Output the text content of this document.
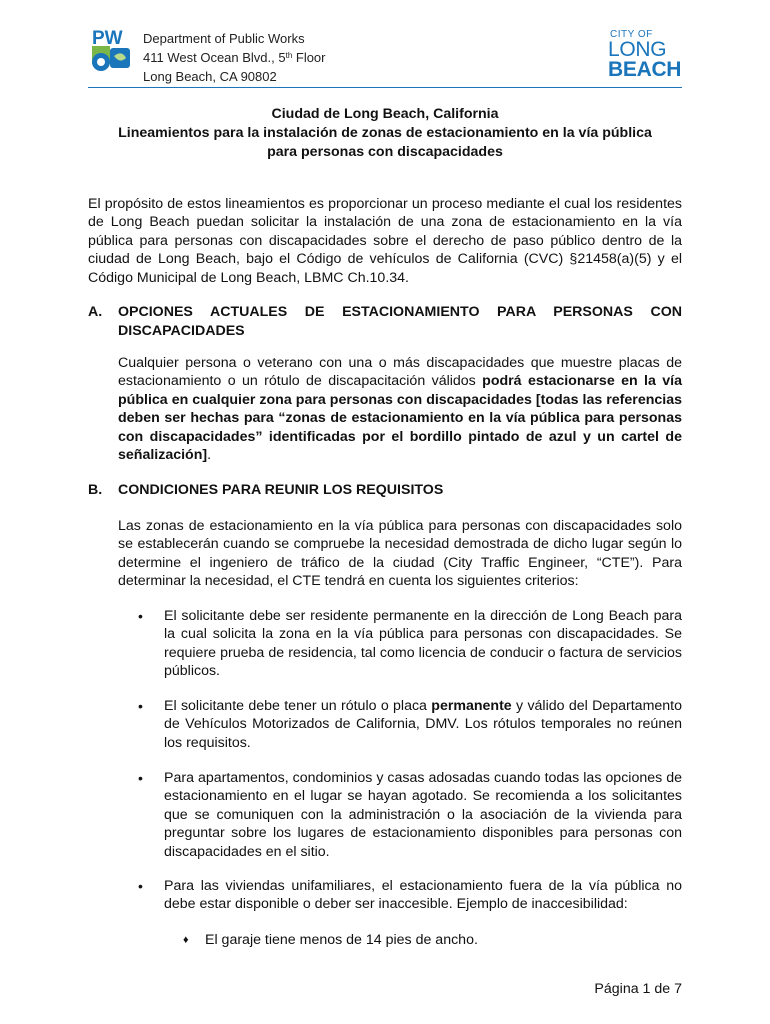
PW Department of Public Works
411 West Ocean Blvd., 5th Floor
Long Beach, CA 90802
CITY OF
LONG
BEACH
Ciudad de Long Beach, California
Lineamientos para la instalación de zonas de estacionamiento en la vía pública
para personas con discapacidades
El propósito de estos lineamientos es proporcionar un proceso mediante el cual los residentes de Long Beach puedan solicitar la instalación de una zona de estacionamiento en la vía pública para personas con discapacidades sobre el derecho de paso público dentro de la ciudad de Long Beach, bajo el Código de vehículos de California (CVC) §21458(a)(5) y el Código Municipal de Long Beach, LBMC Ch.10.34.
A. OPCIONES ACTUALES DE ESTACIONAMIENTO PARA PERSONAS CON DISCAPACIDADES
Cualquier persona o veterano con una o más discapacidades que muestre placas de estacionamiento o un rótulo de discapacitación válidos podrá estacionarse en la vía pública en cualquier zona para personas con discapacidades [todas las referencias deben ser hechas para “zonas de estacionamiento en la vía pública para personas con discapacidades” identificadas por el bordillo pintado de azul y un cartel de señalización].
B. CONDICIONES PARA REUNIR LOS REQUISITOS
Las zonas de estacionamiento en la vía pública para personas con discapacidades solo se establecerán cuando se compruebe la necesidad demostrada de dicho lugar según lo determine el ingeniero de tráfico de la ciudad (City Traffic Engineer, “CTE”). Para determinar la necesidad, el CTE tendrá en cuenta los siguientes criterios:
• El solicitante debe ser residente permanente en la dirección de Long Beach para la cual solicita la zona en la vía pública para personas con discapacidades. Se requiere prueba de residencia, tal como licencia de conducir o factura de servicios públicos.
• El solicitante debe tener un rótulo o placa permanente y válido del Departamento de Vehículos Motorizados de California, DMV. Los rótulos temporales no reúnen los requisitos.
• Para apartamentos, condominios y casas adosadas cuando todas las opciones de estacionamiento en el lugar se hayan agotado. Se recomienda a los solicitantes que se comuniquen con la administración o la asociación de la vivienda para preguntar sobre los lugares de estacionamiento disponibles para personas con discapacidades en el sitio.
• Para las viviendas unifamiliares, el estacionamiento fuera de la vía pública no debe estar disponible o deber ser inaccesible. Ejemplo de inaccesibilidad:
♦ El garaje tiene menos de 14 pies de ancho.
Página 1 de 7
